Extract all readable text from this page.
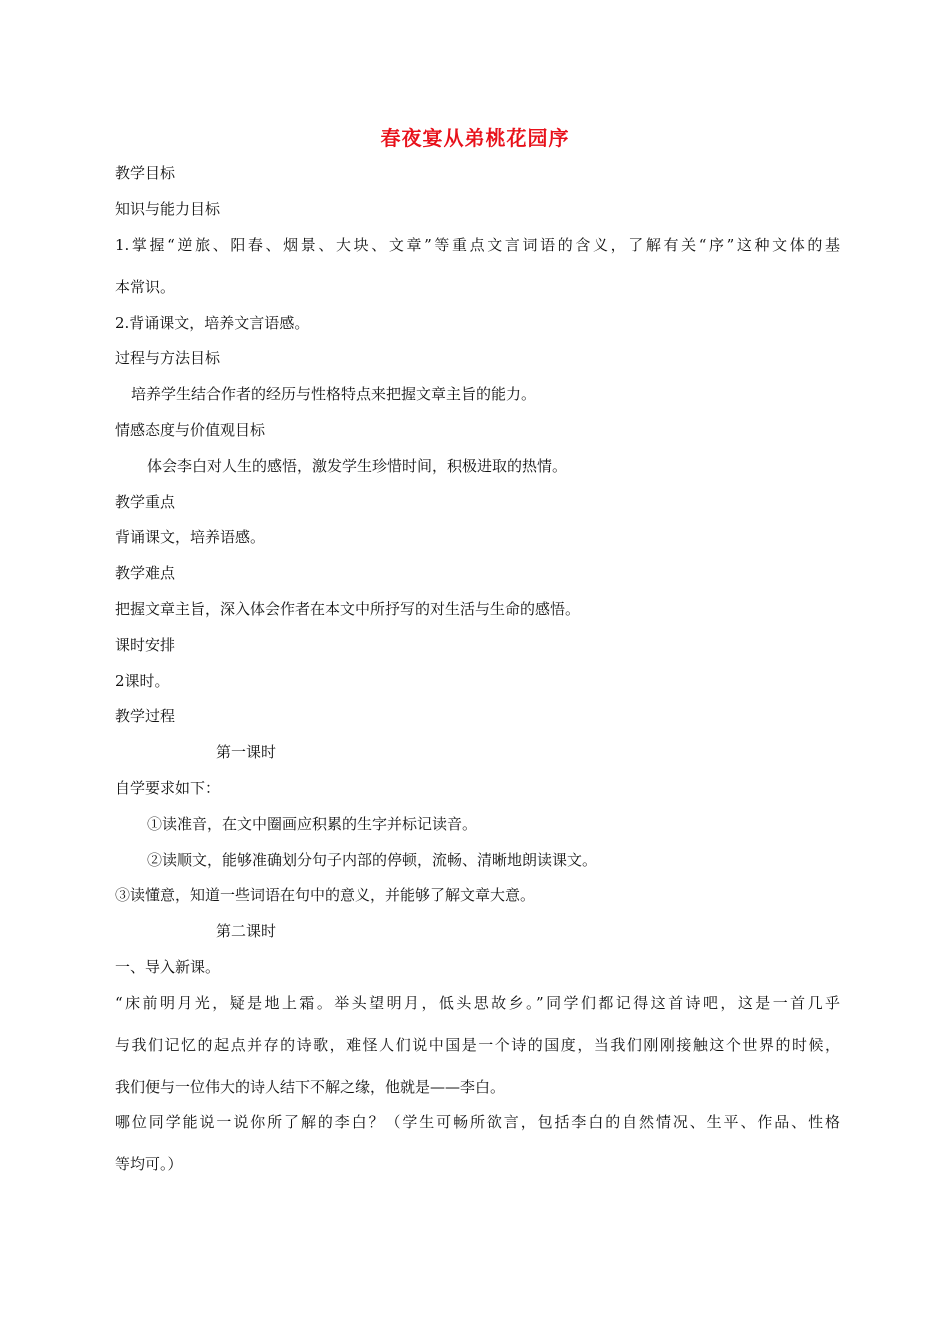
春夜宴从弟桃花园序
教学目标
知识与能力目标
1.掌握“逆旅、阳春、烟景、大块、文章”等重点文言词语的含义，了解有关“序”这种文体的基
本常识。
2.背诵课文，培养文言语感。
过程与方法目标
培养学生结合作者的经历与性格特点来把握文章主旨的能力。
情感态度与价值观目标
体会李白对人生的感悟，激发学生珍惜时间，积极进取的热情。
教学重点
背诵课文，培养语感。
教学难点
把握文章主旨，深入体会作者在本文中所抒写的对生活与生命的感悟。
课时安排
2课时。
教学过程
第一课时
自学要求如下：
①读准音，在文中圈画应积累的生字并标记读音。
②读顺文，能够准确划分句子内部的停顿，流畅、清晰地朗读课文。
③读懂意，知道一些词语在句中的意义，并能够了解文章大意。
第二课时
一、导入新课。
“床前明月光，疑是地上霜。举头望明月，低头思故乡。”同学们都记得这首诗吧，这是一首几乎
与我们记忆的起点并存的诗歌，难怪人们说中国是一个诗的国度，当我们刚刚接触这个世界的时候，
我们便与一位伟大的诗人结下不解之缘，他就是——李白。
哪位同学能说一说你所了解的李白？（学生可畅所欲言，包括李白的自然情况、生平、作品、性格
等均可。）
